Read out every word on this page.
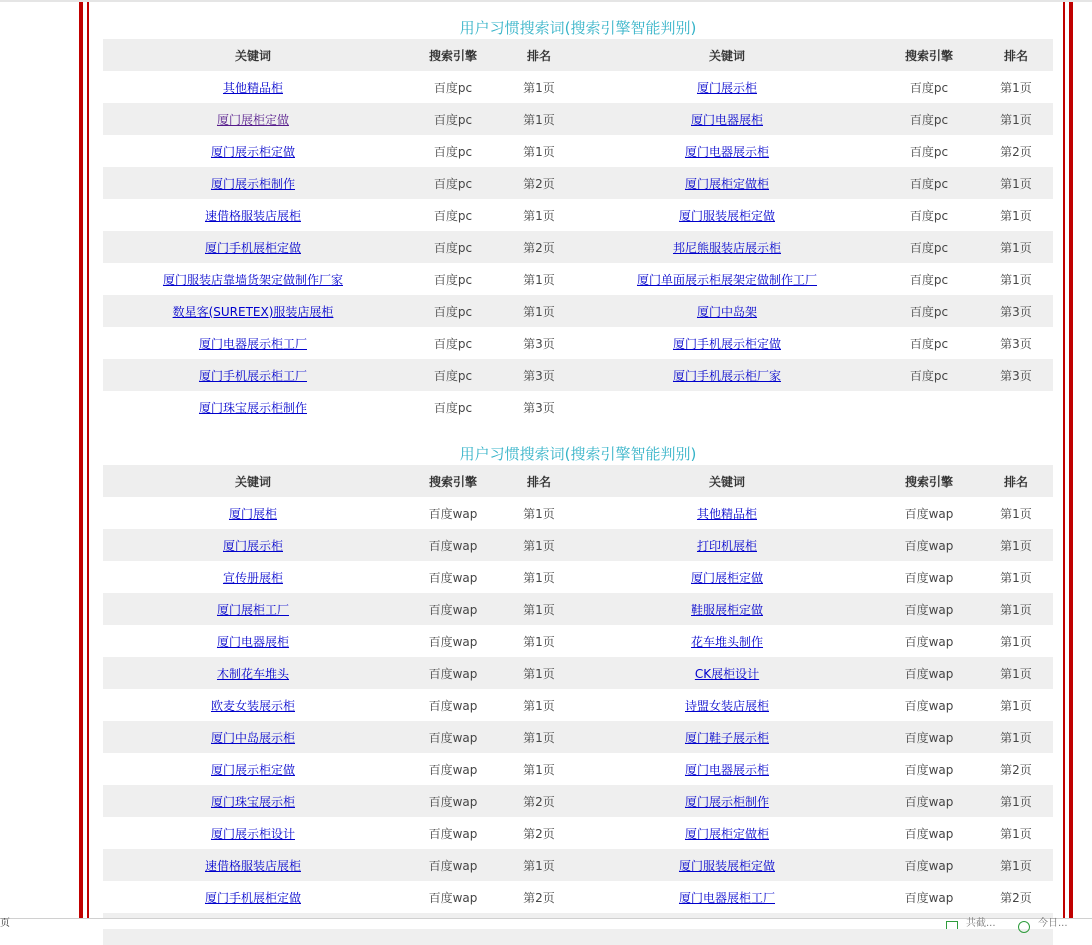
用户习惯搜索词(搜索引擎智能判别)
关键词	搜索引擎	排名	关键词	搜索引擎	排名
其他精品柜	百度pc	第1页	厦门展示柜	百度pc	第1页
厦门展柜定做	百度pc	第1页	厦门电器展柜	百度pc	第1页
厦门展示柜定做	百度pc	第1页	厦门电器展示柜	百度pc	第2页
厦门展示柜制作	百度pc	第2页	厦门展柜定做柜	百度pc	第1页
速借格服装店展柜	百度pc	第1页	厦门服装展柜定做	百度pc	第1页
厦门手机展柜定做	百度pc	第2页	邦尼熊服装店展示柜	百度pc	第1页
厦门服装店靠墙货架定做制作厂家	百度pc	第1页	厦门单面展示柜展架定做制作工厂	百度pc	第1页
数星客(SURETEX)服装店展柜	百度pc	第1页	厦门中岛架	百度pc	第3页
厦门电器展示柜工厂	百度pc	第3页	厦门手机展示柜定做	百度pc	第3页
厦门手机展示柜工厂	百度pc	第3页	厦门手机展示柜厂家	百度pc	第3页
厦门珠宝展示柜制作	百度pc	第3页			
用户习惯搜索词(搜索引擎智能判别)
关键词	搜索引擎	排名	关键词	搜索引擎	排名
厦门展柜	百度wap	第1页	其他精品柜	百度wap	第1页
厦门展示柜	百度wap	第1页	打印机展柜	百度wap	第1页
宣传册展柜	百度wap	第1页	厦门展柜定做	百度wap	第1页
厦门展柜工厂	百度wap	第1页	鞋服展柜定做	百度wap	第1页
厦门电器展柜	百度wap	第1页	花车堆头制作	百度wap	第1页
木制花车堆头	百度wap	第1页	CK展柜设计	百度wap	第1页
欧麦女装展示柜	百度wap	第1页	诗盟女装店展柜	百度wap	第1页
厦门中岛展示柜	百度wap	第1页	厦门鞋子展示柜	百度wap	第1页
厦门展示柜定做	百度wap	第1页	厦门电器展示柜	百度wap	第2页
厦门珠宝展示柜	百度wap	第2页	厦门展示柜制作	百度wap	第1页
厦门展示柜设计	百度wap	第2页	厦门展柜定做柜	百度wap	第1页
速借格服装店展柜	百度wap	第1页	厦门服装展柜定做	百度wap	第1页
厦门手机展柜定做	百度wap	第2页	厦门电器展柜工厂	百度wap	第2页

页	共截...	今日...
